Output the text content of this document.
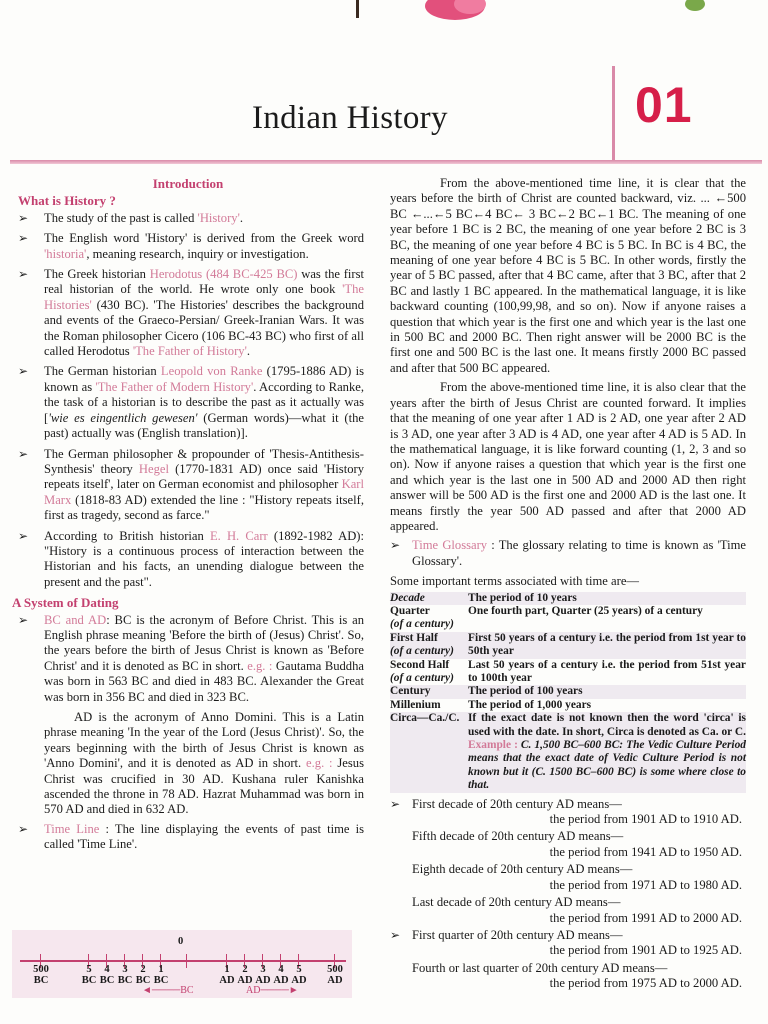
Indian History	01
Introduction
What is History ?
➢ The study of the past is called 'History'.
➢ The English word 'History' is derived from the Greek word 'historia', meaning research, inquiry or investigation.
➢ The Greek historian Herodotus (484 BC-425 BC) was the first real historian of the world. He wrote only one book 'The Histories' (430 BC). 'The Histories' describes the background and events of the Graeco-Persian/ Greek-Iranian Wars. It was the Roman philosopher Cicero (106 BC-43 BC) who first of all called Herodotus 'The Father of History'.
➢ The German historian Leopold von Ranke (1795-1886 AD) is known as 'The Father of Modern History'. According to Ranke, the task of a historian is to describe the past as it actually was ['wie es eingentlich gewesen' (German words)—what it (the past) actually was (English translation)].
➢ The German philosopher & propounder of 'Thesis-Antithesis-Synthesis' theory Hegel (1770-1831 AD) once said 'History repeats itself', later on German economist and philosopher Karl Marx (1818-83 AD) extended the line : "History repeats itself, first as tragedy, second as farce."
➢ According to British historian E. H. Carr (1892-1982 AD): "History is a continuous process of interaction between the Historian and his facts, an unending dialogue between the present and the past".
A System of Dating
➢ BC and AD: BC is the acronym of Before Christ. This is an English phrase meaning 'Before the birth of (Jesus) Christ'. So, the years before the birth of Jesus Christ is known as 'Before Christ' and it is denoted as BC in short. e.g. : Gautama Buddha was born in 563 BC and died in 483 BC. Alexander the Great was born in 356 BC and died in 323 BC.
AD is the acronym of Anno Domini. This is a Latin phrase meaning 'In the year of the Lord (Jesus Christ)'. So, the years beginning with the birth of Jesus Christ is known as 'Anno Domini', and it is denoted as AD in short. e.g. : Jesus Christ was crucified in 30 AD. Kushana ruler Kanishka ascended the throne in 78 AD. Hazrat Muhammad was born in 570 AD and died in 632 AD.
➢ Time Line : The line displaying the events of past time is called 'Time Line'.
0
500
BC
5
BC
4
BC
3
BC
2
BC
1
BC
1
AD
2
AD
3
AD
4
AD
5
AD
500
AD
◄────BC	AD────►
From the above-mentioned time line, it is clear that the years before the birth of Christ are counted backward, viz. ... ←500 BC ←...←5 BC←4 BC← 3 BC←2 BC←1 BC. The meaning of one year before 1 BC is 2 BC, the meaning of one year before 2 BC is 3 BC, the meaning of one year before 4 BC is 5 BC. In BC is 4 BC, the meaning of one year before 4 BC is 5 BC. In other words, firstly the year of 5 BC passed, after that 4 BC came, after that 3 BC, after that 2 BC and lastly 1 BC appeared. In the mathematical language, it is like backward counting (100,99,98, and so on). Now if anyone raises a question that which year is the first one and which year is the last one in 500 BC and 2000 BC. Then right answer will be 2000 BC is the first one and 500 BC is the last one. It means firstly 2000 BC passed and after that 500 BC appeared.
From the above-mentioned time line, it is also clear that the years after the birth of Jesus Christ are counted forward. It implies that the meaning of one year after 1 AD is 2 AD, one year after 2 AD is 3 AD, one year after 3 AD is 4 AD, one year after 4 AD is 5 AD. In the mathematical language, it is like forward counting (1, 2, 3 and so on). Now if anyone raises a question that which year is the first one and which year is the last one in 500 AD and 2000 AD then right answer will be 500 AD is the first one and 2000 AD is the last one. It means firstly the year 500 AD passed and after that 2000 AD appeared.
➢ Time Glossary : The glossary relating to time is known as 'Time Glossary'.
Some important terms associated with time are—
Decade	The period of 10 years
Quarter
(of a century)	One fourth part, Quarter (25 years) of a century
First Half
(of a century)	First 50 years of a century i.e. the period from 1st year to 50th year
Second Half
(of a century)	Last 50 years of a century i.e. the period from 51st year to 100th year
Century	The period of 100 years
Millenium	The period of 1,000 years
Circa—Ca./C.	If the exact date is not known then the word 'circa' is used with the date. In short, Circa is denoted as Ca. or C. Example : C. 1,500 BC–600 BC: The Vedic Culture Period means that the exact date of Vedic Culture Period is not known but it (C. 1500 BC–600 BC) is some where close to that.
➢ First decade of 20th century AD means—
the period from 1901 AD to 1910 AD.
Fifth decade of 20th century AD means—
the period from 1941 AD to 1950 AD.
Eighth decade of 20th century AD means—
the period from 1971 AD to 1980 AD.
Last decade of 20th century AD means—
the period from 1991 AD to 2000 AD.
➢ First quarter of 20th century AD means—
the period from 1901 AD to 1925 AD.
Fourth or last quarter of 20th century AD means—
the period from 1975 AD to 2000 AD.
